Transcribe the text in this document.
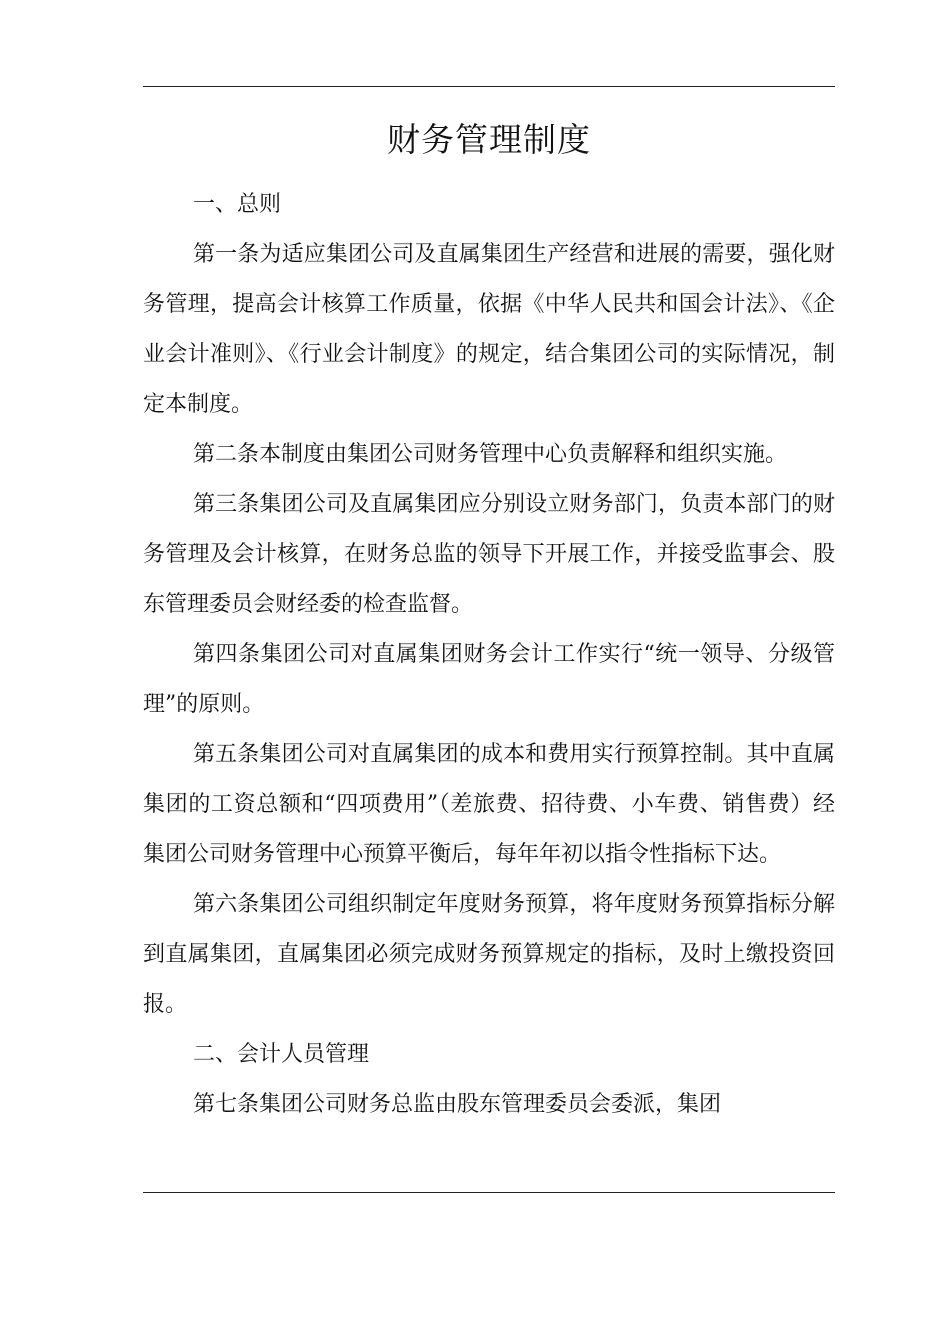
财务管理制度

一、总则

第一条为适应集团公司及直属集团生产经营和进展的需要，强化财务管理，提高会计核算工作质量，依据《中华人民共和国会计法》、《企业会计准则》、《行业会计制度》的规定，结合集团公司的实际情况，制定本制度。

第二条本制度由集团公司财务管理中心负责解释和组织实施。

第三条集团公司及直属集团应分别设立财务部门，负责本部门的财务管理及会计核算，在财务总监的领导下开展工作，并接受监事会、股东管理委员会财经委的检查监督。

第四条集团公司对直属集团财务会计工作实行“统一领导、分级管理”的原则。

第五条集团公司对直属集团的成本和费用实行预算控制。其中直属集团的工资总额和“四项费用”（差旅费、招待费、小车费、销售费）经集团公司财务管理中心预算平衡后，每年年初以指令性指标下达。

第六条集团公司组织制定年度财务预算，将年度财务预算指标分解到直属集团，直属集团必须完成财务预算规定的指标，及时上缴投资回报。

二、会计人员管理

第七条集团公司财务总监由股东管理委员会委派，集团
